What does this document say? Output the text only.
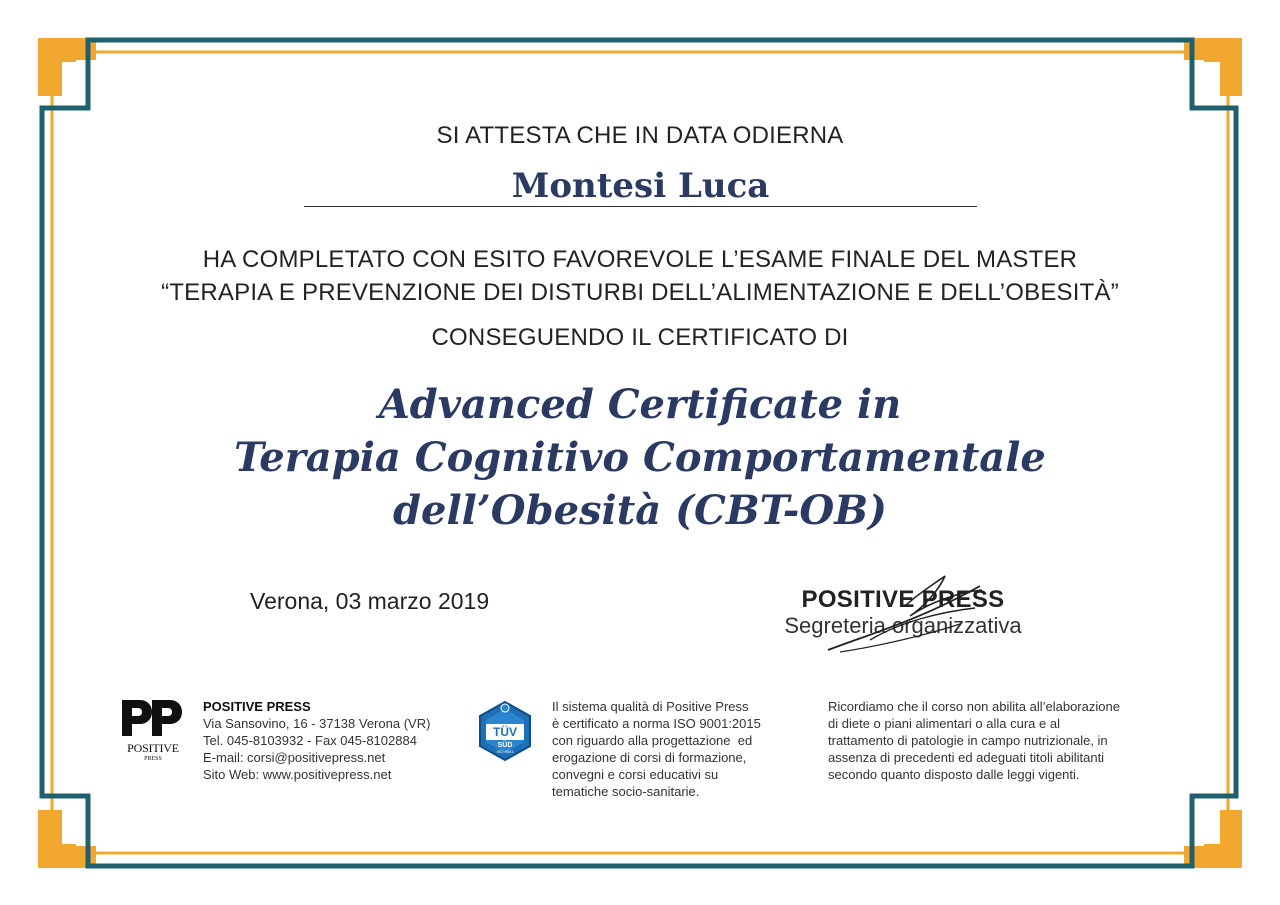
SI ATTESTA CHE IN DATA ODIERNA
Montesi Luca
HA COMPLETATO CON ESITO FAVOREVOLE L’ESAME FINALE DEL MASTER
“TERAPIA E PREVENZIONE DEI DISTURBI DELL’ALIMENTAZIONE E DELL’OBESITÀ”
CONSEGUENDO IL CERTIFICATO DI
Advanced Certificate in
Terapia Cognitivo Comportamentale
dell’Obesità (CBT-OB)
Verona, 03 marzo 2019	POSITIVE PRESS
Segreteria organizzativa
POSITIVE
PRESS
POSITIVE PRESS
Via Sansovino, 16 - 37138 Verona (VR)
Tel. 045-8103932 - Fax 045-8102884
E-mail: corsi@positivepress.net
Sito Web: www.positivepress.net
TÜV
SÜD
ISO 9001
Il sistema qualità di Positive Press
è certificato a norma ISO 9001:2015
con riguardo alla progettazione  ed
erogazione di corsi di formazione,
convegni e corsi educativi su
tematiche socio-sanitarie.
Ricordiamo che il corso non abilita all’elaborazione
di diete o piani alimentari o alla cura e al
trattamento di patologie in campo nutrizionale, in
assenza di precedenti ed adeguati titoli abilitanti
secondo quanto disposto dalle leggi vigenti.
